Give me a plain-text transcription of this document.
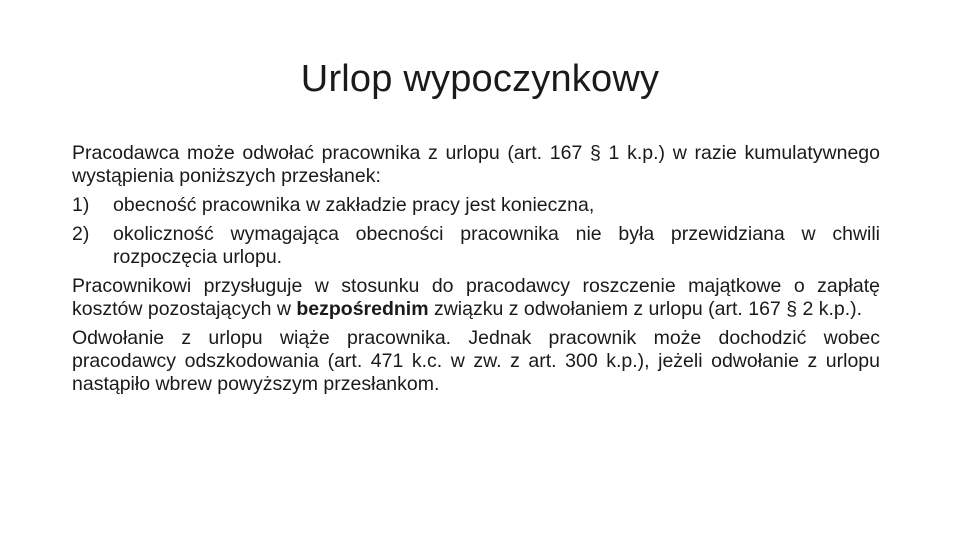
Urlop wypoczynkowy

Pracodawca może odwołać pracownika z urlopu (art. 167 § 1 k.p.) w razie kumulatywnego wystąpienia poniższych przesłanek:

1)	obecność pracownika w zakładzie pracy jest konieczna,
2)	okoliczność wymagająca obecności pracownika nie była przewidziana w chwili rozpoczęcia urlopu.

Pracownikowi przysługuje w stosunku do pracodawcy roszczenie majątkowe o zapłatę kosztów pozostających w bezpośrednim związku z odwołaniem z urlopu (art. 167 § 2 k.p.).

Odwołanie z urlopu wiąże pracownika. Jednak pracownik może dochodzić wobec pracodawcy odszkodowania (art. 471 k.c. w zw. z art. 300 k.p.), jeżeli odwołanie z urlopu nastąpiło wbrew powyższym przesłankom.
